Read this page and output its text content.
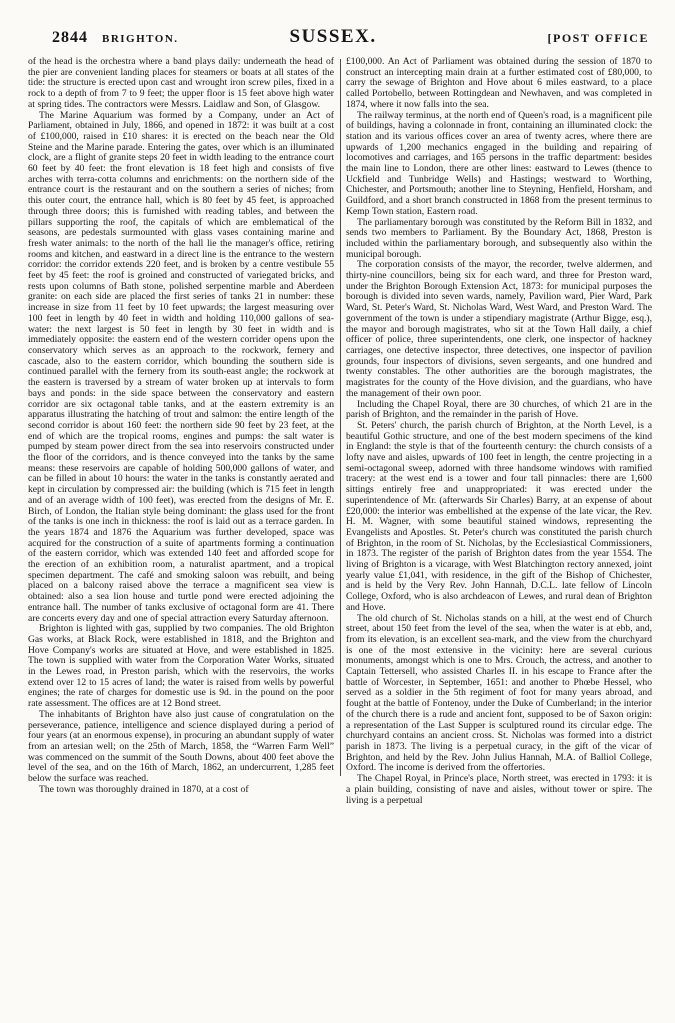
2844 BRIGHTON.	SUSSEX.	[POST OFFICE

of the head is the orchestra where a band plays daily: underneath the head of the pier are convenient landing places for steamers or boats at all states of the tide: the structure is erected upon cast and wrought iron screw piles, fixed in a rock to a depth of from 7 to 9 feet; the upper floor is 15 feet above high water at spring tides. The contractors were Messrs. Laidlaw and Son, of Glasgow.

The Marine Aquarium was formed by a Company, under an Act of Parliament, obtained in July, 1866, and opened in 1872: it was built at a cost of £100,000, raised in £10 shares: it is erected on the beach near the Old Steine and the Marine parade. Entering the gates, over which is an illuminated clock, are a flight of granite steps 20 feet in width leading to the entrance court 60 feet by 40 feet: the front elevation is 18 feet high and consists of five arches with terra-cotta columns and enrichments: on the northern side of the entrance court is the restaurant and on the southern a series of niches; from this outer court, the entrance hall, which is 80 feet by 45 feet, is approached through three doors; this is furnished with reading tables, and between the pillars supporting the roof, the capitals of which are emblematical of the seasons, are pedestals surmounted with glass vases containing marine and fresh water animals: to the north of the hall lie the manager's office, retiring rooms and kitchen, and eastward in a direct line is the entrance to the western corridor: the corridor extends 220 feet, and is broken by a centre vestibule 55 feet by 45 feet: the roof is groined and constructed of variegated bricks, and rests upon columns of Bath stone, polished serpentine marble and Aberdeen granite: on each side are placed the first series of tanks 21 in number: these increase in size from 11 feet by 10 feet upwards; the largest measuring over 100 feet in length by 40 feet in width and holding 110,000 gallons of sea-water: the next largest is 50 feet in length by 30 feet in width and is immediately opposite: the eastern end of the western corrider opens upon the conservatory which serves as an approach to the rockwork, fernery and cascade, also to the eastern corridor, which bounding the southern side is continued parallel with the fernery from its south-east angle; the rockwork at the eastern is traversed by a stream of water broken up at intervals to form bays and ponds: in the side space between the conservatory and eastern corridor are six octagonal table tanks, and at the eastern extremity is an apparatus illustrating the hatching of trout and salmon: the entire length of the second corridor is about 160 feet: the northern side 90 feet by 23 feet, at the end of which are the tropical rooms, engines and pumps: the salt water is pumped by steam power direct from the sea into reservoirs constructed under the floor of the corridors, and is thence conveyed into the tanks by the same means: these reservoirs are capable of holding 500,000 gallons of water, and can be filled in about 10 hours: the water in the tanks is constantly aerated and kept in circulation by compressed air: the building (which is 715 feet in length and of an average width of 100 feet), was erected from the designs of Mr. E. Birch, of London, the Italian style being dominant: the glass used for the front of the tanks is one inch in thickness: the roof is laid out as a terrace garden. In the years 1874 and 1876 the Aquarium was further developed, space was acquired for the construction of a suite of apartments forming a continuation of the eastern corridor, which was extended 140 feet and afforded scope for the erection of an exhibition room, a naturalist apartment, and a tropical specimen department. The café and smoking saloon was rebuilt, and being placed on a balcony raised above the terrace a magnificent sea view is obtained: also a sea lion house and turtle pond were erected adjoining the entrance hall. The number of tanks exclusive of octagonal form are 41. There are concerts every day and one of special attraction every Saturday afternoon.

Brighton is lighted with gas, supplied by two companies. The old Brighton Gas works, at Black Rock, were established in 1818, and the Brighton and Hove Company's works are situated at Hove, and were established in 1825. The town is supplied with water from the Corporation Water Works, situated in the Lewes road, in Preston parish, which with the reservoirs, the works extend over 12 to 15 acres of land; the water is raised from wells by powerful engines; the rate of charges for domestic use is 9d. in the pound on the poor rate assessment. The offices are at 12 Bond street.

The inhabitants of Brighton have also just cause of congratulation on the perseverance, patience, intelligence and science displayed during a period of four years (at an enormous expense), in procuring an abundant supply of water from an artesian well; on the 25th of March, 1858, the “Warren Farm Well” was commenced on the summit of the South Downs, about 400 feet above the level of the sea, and on the 16th of March, 1862, an undercurrent, 1,285 feet below the surface was reached.

The town was thoroughly drained in 1870, at a cost of

£100,000. An Act of Parliament was obtained during the session of 1870 to construct an intercepting main drain at a further estimated cost of £80,000, to carry the sewage of Brighton and Hove about 6 miles eastward, to a place called Portobello, between Rottingdean and Newhaven, and was completed in 1874, where it now falls into the sea.

The railway terminus, at the north end of Queen's road, is a magnificent pile of buildings, having a colonnade in front, containing an illuminated clock: the station and its various offices cover an area of twenty acres, where there are upwards of 1,200 mechanics engaged in the building and repairing of locomotives and carriages, and 165 persons in the traffic department: besides the main line to London, there are other lines: eastward to Lewes (thence to Uckfield and Tunbridge Wells) and Hastings; westward to Worthing, Chichester, and Portsmouth; another line to Steyning, Henfield, Horsham, and Guildford, and a short branch constructed in 1868 from the present terminus to Kemp Town station, Eastern road.

The parliamentary borough was constituted by the Reform Bill in 1832, and sends two members to Parliament. By the Boundary Act, 1868, Preston is included within the parliamentary borough, and subsequently also within the municipal borough.

The corporation consists of the mayor, the recorder, twelve aldermen, and thirty-nine councillors, being six for each ward, and three for Preston ward, under the Brighton Borough Extension Act, 1873: for municipal purposes the borough is divided into seven wards, namely, Pavilion ward, Pier Ward, Park Ward, St. Peter's Ward, St. Nicholas Ward, West Ward, and Preston Ward. The government of the town is under a stipendiary magistrate (Arthur Bigge, esq.), the mayor and borough magistrates, who sit at the Town Hall daily, a chief officer of police, three superintendents, one clerk, one inspector of hackney carriages, one detective inspector, three detectives, one inspector of pavilion grounds, four inspectors of divisions, seven sergeants, and one hundred and twenty constables. The other authorities are the borough magistrates, the magistrates for the county of the Hove division, and the guardians, who have the management of their own poor.

Including the Chapel Royal, there are 30 churches, of which 21 are in the parish of Brighton, and the remainder in the parish of Hove.

St. Peters' church, the parish church of Brighton, at the North Level, is a beautiful Gothic structure, and one of the best modern specimens of the kind in England: the style is that of the fourteenth century: the church consists of a lofty nave and aisles, upwards of 100 feet in length, the centre projecting in a semi-octagonal sweep, adorned with three handsome windows with ramified tracery: at the west end is a tower and four tall pinnacles: there are 1,600 sittings entirely free and unappropriated: it was erected under the superintendence of Mr. (afterwards Sir Charles) Barry, at an expense of about £20,000: the interior was embellished at the expense of the late vicar, the Rev. H. M. Wagner, with some beautiful stained windows, representing the Evangelists and Apostles. St. Peter's church was constituted the parish church of Brighton, in the room of St. Nicholas, by the Ecclesiastical Commissioners, in 1873. The register of the parish of Brighton dates from the year 1554. The living of Brighton is a vicarage, with West Blatchington rectory annexed, joint yearly value £1,041, with residence, in the gift of the Bishop of Chichester, and is held by the Very Rev. John Hannah, D.C.L. late fellow of Lincoln College, Oxford, who is also archdeacon of Lewes, and rural dean of Brighton and Hove.

The old church of St. Nicholas stands on a hill, at the west end of Church street, about 150 feet from the level of the sea, when the water is at ebb, and, from its elevation, is an excellent sea-mark, and the view from the churchyard is one of the most extensive in the vicinity: here are several curious monuments, amongst which is one to Mrs. Crouch, the actress, and another to Captain Tettersell, who assisted Charles II. in his escape to France after the battle of Worcester, in September, 1651: and another to Phœbe Hessel, who served as a soldier in the 5th regiment of foot for many years abroad, and fought at the battle of Fontenoy, under the Duke of Cumberland; in the interior of the church there is a rude and ancient font, supposed to be of Saxon origin: a representation of the Last Supper is sculptured round its circular edge. The churchyard contains an ancient cross. St. Nicholas was formed into a district parish in 1873. The living is a perpetual curacy, in the gift of the vicar of Brighton, and held by the Rev. John Julius Hannah, M.A. of Balliol College, Oxford. The income is derived from the offertories.

The Chapel Royal, in Prince's place, North street, was erected in 1793: it is a plain building, consisting of nave and aisles, without tower or spire. The living is a perpetual
